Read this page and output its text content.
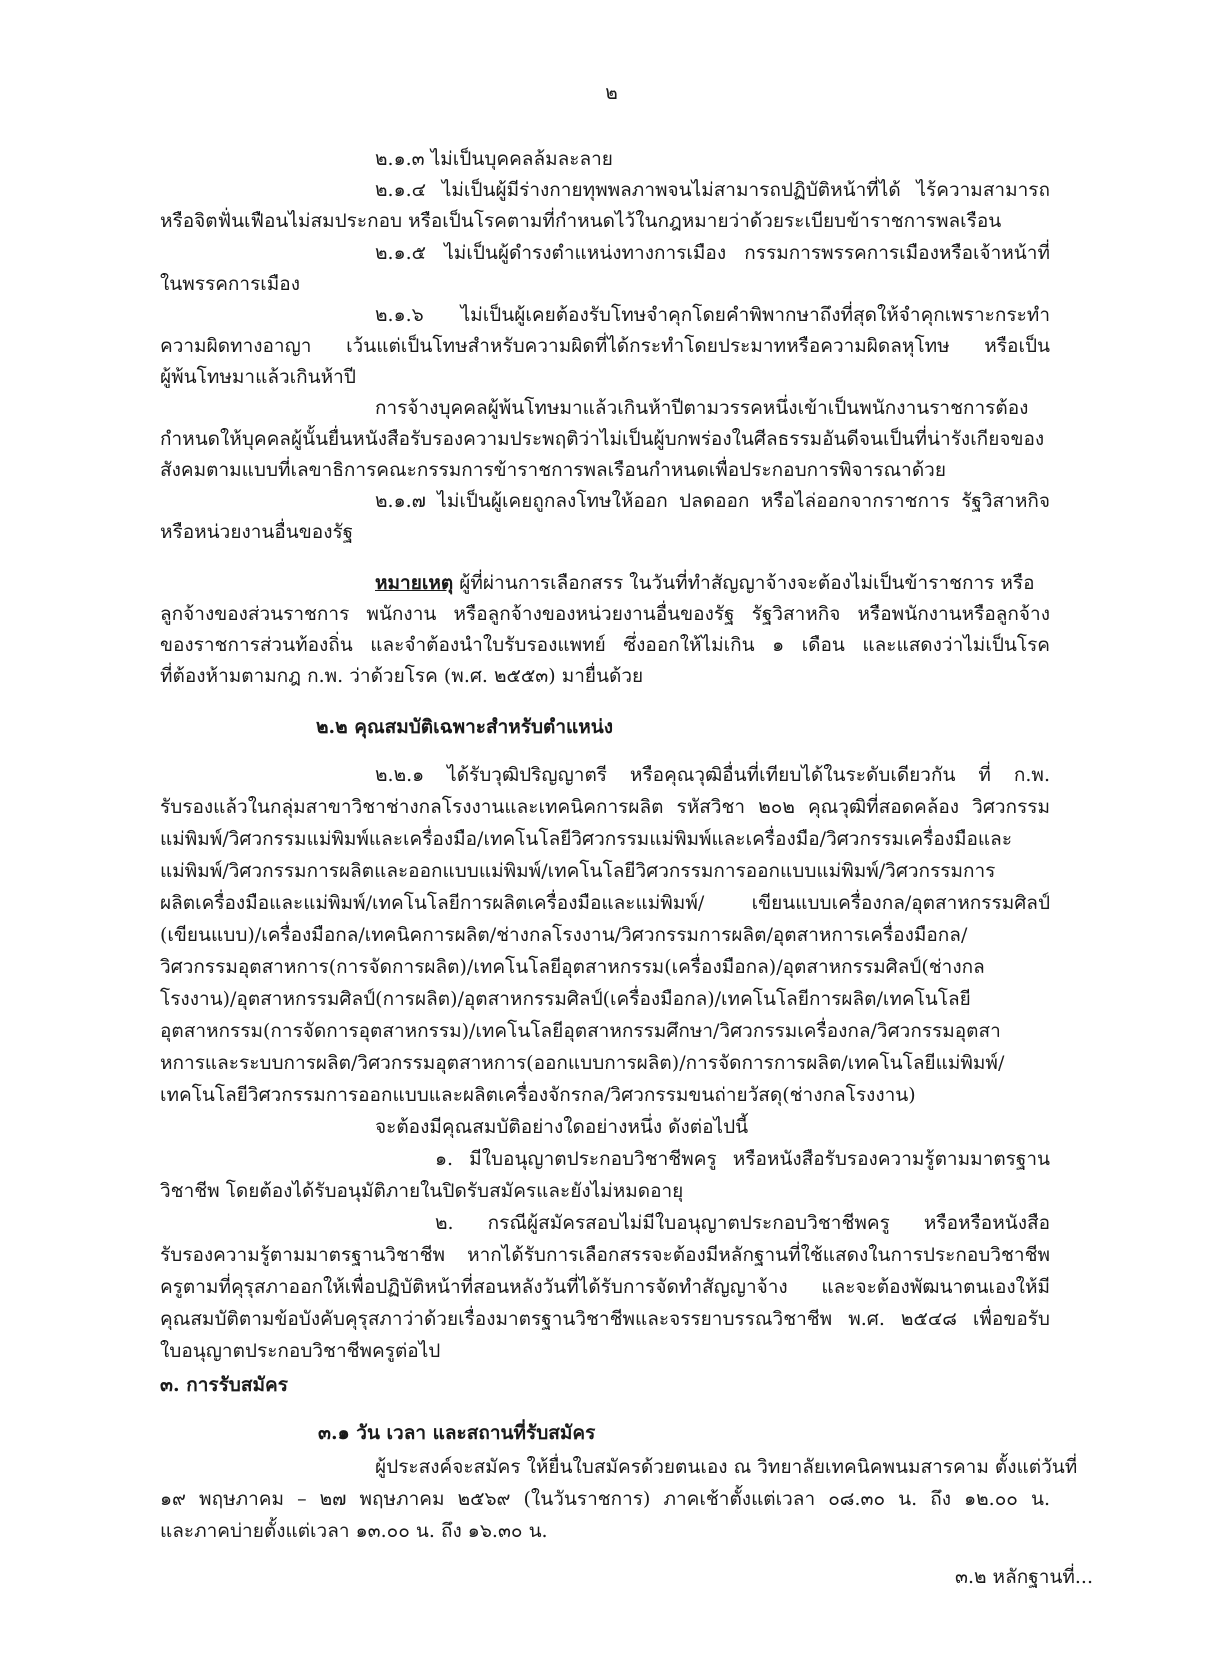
๒
๒.๑.๓ ไม่เป็นบุคคลล้มละลาย
๒.๑.๔ ไม่เป็นผู้มีร่างกายทุพพลภาพจนไม่สามารถปฏิบัติหน้าที่ได้ ไร้ความสามารถ
หรือจิตฟั่นเฟือนไม่สมประกอบ หรือเป็นโรคตามที่กำหนดไว้ในกฎหมายว่าด้วยระเบียบข้าราชการพลเรือน
๒.๑.๕ ไม่เป็นผู้ดำรงตำแหน่งทางการเมือง กรรมการพรรคการเมืองหรือเจ้าหน้าที่
ในพรรคการเมือง
๒.๑.๖ ไม่เป็นผู้เคยต้องรับโทษจำคุกโดยคำพิพากษาถึงที่สุดให้จำคุกเพราะกระทำ
ความผิดทางอาญา เว้นแต่เป็นโทษสำหรับความผิดที่ได้กระทำโดยประมาทหรือความผิดลหุโทษ หรือเป็น
ผู้พ้นโทษมาแล้วเกินห้าปี
การจ้างบุคคลผู้พ้นโทษมาแล้วเกินห้าปีตามวรรคหนึ่งเข้าเป็นพนักงานราชการต้อง
กำหนดให้บุคคลผู้นั้นยื่นหนังสือรับรองความประพฤติว่าไม่เป็นผู้บกพร่องในศีลธรรมอันดีจนเป็นที่น่ารังเกียจของ
สังคมตามแบบที่เลขาธิการคณะกรรมการข้าราชการพลเรือนกำหนดเพื่อประกอบการพิจารณาด้วย
๒.๑.๗ ไม่เป็นผู้เคยถูกลงโทษให้ออก ปลดออก หรือไล่ออกจากราชการ รัฐวิสาหกิจ
หรือหน่วยงานอื่นของรัฐ
หมายเหตุ ผู้ที่ผ่านการเลือกสรร ในวันที่ทำสัญญาจ้างจะต้องไม่เป็นข้าราชการ หรือ
ลูกจ้างของส่วนราชการ พนักงาน หรือลูกจ้างของหน่วยงานอื่นของรัฐ รัฐวิสาหกิจ หรือพนักงานหรือลูกจ้าง
ของราชการส่วนท้องถิ่น และจำต้องนำใบรับรองแพทย์ ซึ่งออกให้ไม่เกิน ๑ เดือน และแสดงว่าไม่เป็นโรค
ที่ต้องห้ามตามกฎ ก.พ. ว่าด้วยโรค (พ.ศ. ๒๕๕๓) มายื่นด้วย
๒.๒ คุณสมบัติเฉพาะสำหรับตำแหน่ง
๒.๒.๑ ได้รับวุฒิปริญญาตรี หรือคุณวุฒิอื่นที่เทียบได้ในระดับเดียวกัน ที่ ก.พ.
รับรองแล้วในกลุ่มสาขาวิชาช่างกลโรงงานและเทคนิคการผลิต รหัสวิชา ๒๐๒ คุณวุฒิที่สอดคล้อง วิศวกรรม
แม่พิมพ์/วิศวกรรมแม่พิมพ์และเครื่องมือ/เทคโนโลยีวิศวกรรมแม่พิมพ์และเครื่องมือ/วิศวกรรมเครื่องมือและ
แม่พิมพ์/วิศวกรรมการผลิตและออกแบบแม่พิมพ์/เทคโนโลยีวิศวกรรมการออกแบบแม่พิมพ์/วิศวกรรมการ
ผลิตเครื่องมือและแม่พิมพ์/เทคโนโลยีการผลิตเครื่องมือและแม่พิมพ์/ เขียนแบบเครื่องกล/อุตสาหกรรมศิลป์
(เขียนแบบ)/เครื่องมือกล/เทคนิคการผลิต/ช่างกลโรงงาน/วิศวกรรมการผลิต/อุตสาหการเครื่องมือกล/
วิศวกรรมอุตสาหการ(การจัดการผลิต)/เทคโนโลยีอุตสาหกรรม(เครื่องมือกล)/อุตสาหกรรมศิลป์(ช่างกล
โรงงาน)/อุตสาหกรรมศิลป์(การผลิต)/อุตสาหกรรมศิลป์(เครื่องมือกล)/เทคโนโลยีการผลิต/เทคโนโลยี
อุตสาหกรรม(การจัดการอุตสาหกรรม)/เทคโนโลยีอุตสาหกรรมศึกษา/วิศวกรรมเครื่องกล/วิศวกรรมอุตสา
หการและระบบการผลิต/วิศวกรรมอุตสาหการ(ออกแบบการผลิต)/การจัดการการผลิต/เทคโนโลยีแม่พิมพ์/
เทคโนโลยีวิศวกรรมการออกแบบและผลิตเครื่องจักรกล/วิศวกรรมขนถ่ายวัสดุ(ช่างกลโรงงาน)
จะต้องมีคุณสมบัติอย่างใดอย่างหนึ่ง ดังต่อไปนี้
๑. มีใบอนุญาตประกอบวิชาชีพครู หรือหนังสือรับรองความรู้ตามมาตรฐาน
วิชาชีพ โดยต้องได้รับอนุมัติภายในปิดรับสมัครและยังไม่หมดอายุ
๒. กรณีผู้สมัครสอบไม่มีใบอนุญาตประกอบวิชาชีพครู หรือหรือหนังสือ
รับรองความรู้ตามมาตรฐานวิชาชีพ หากได้รับการเลือกสรรจะต้องมีหลักฐานที่ใช้แสดงในการประกอบวิชาชีพ
ครูตามที่คุรุสภาออกให้เพื่อปฏิบัติหน้าที่สอนหลังวันที่ได้รับการจัดทำสัญญาจ้าง และจะต้องพัฒนาตนเองให้มี
คุณสมบัติตามข้อบังคับคุรุสภาว่าด้วยเรื่องมาตรฐานวิชาชีพและจรรยาบรรณวิชาชีพ พ.ศ. ๒๕๔๘ เพื่อขอรับ
ใบอนุญาตประกอบวิชาชีพครูต่อไป
๓. การรับสมัคร
๓.๑ วัน เวลา และสถานที่รับสมัคร
ผู้ประสงค์จะสมัคร ให้ยื่นใบสมัครด้วยตนเอง ณ วิทยาลัยเทคนิคพนมสารคาม ตั้งแต่วันที่
๑๙ พฤษภาคม – ๒๗ พฤษภาคม ๒๕๖๙ (ในวันราชการ) ภาคเช้าตั้งแต่เวลา ๐๘.๓๐ น. ถึง ๑๒.๐๐ น.
และภาคบ่ายตั้งแต่เวลา ๑๓.๐๐ น. ถึง ๑๖.๓๐ น.
๓.๒ หลักฐานที่...
